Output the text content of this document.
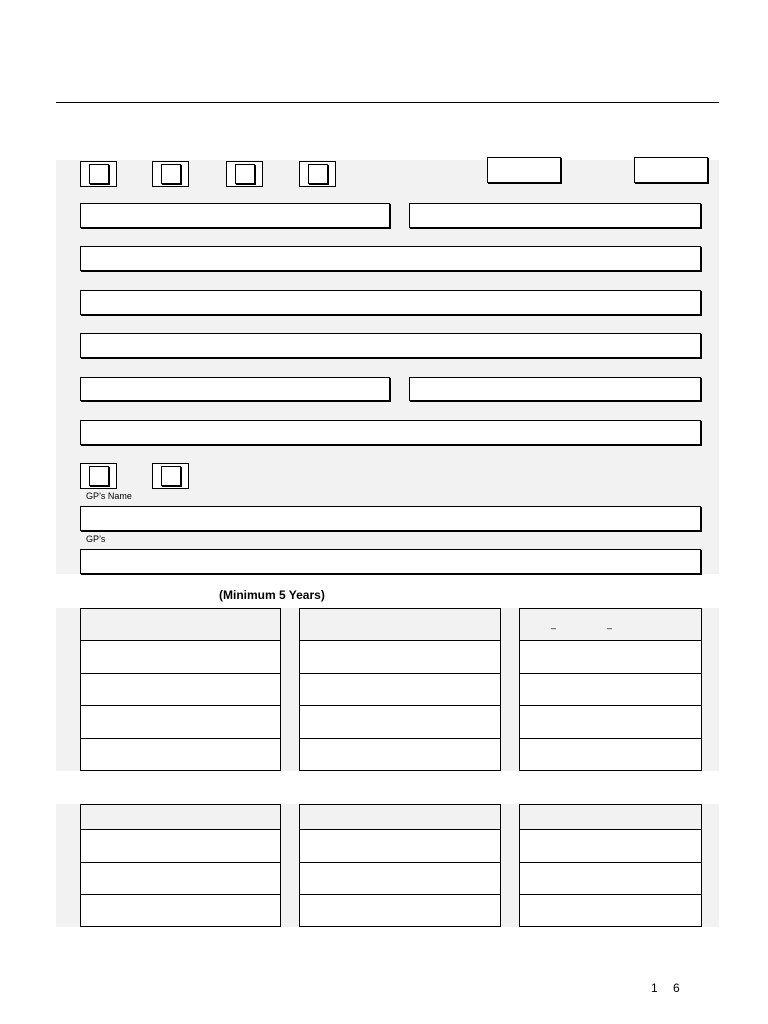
GP’s Name
GP’s
(Minimum 5 Years)
–	–
1 6
